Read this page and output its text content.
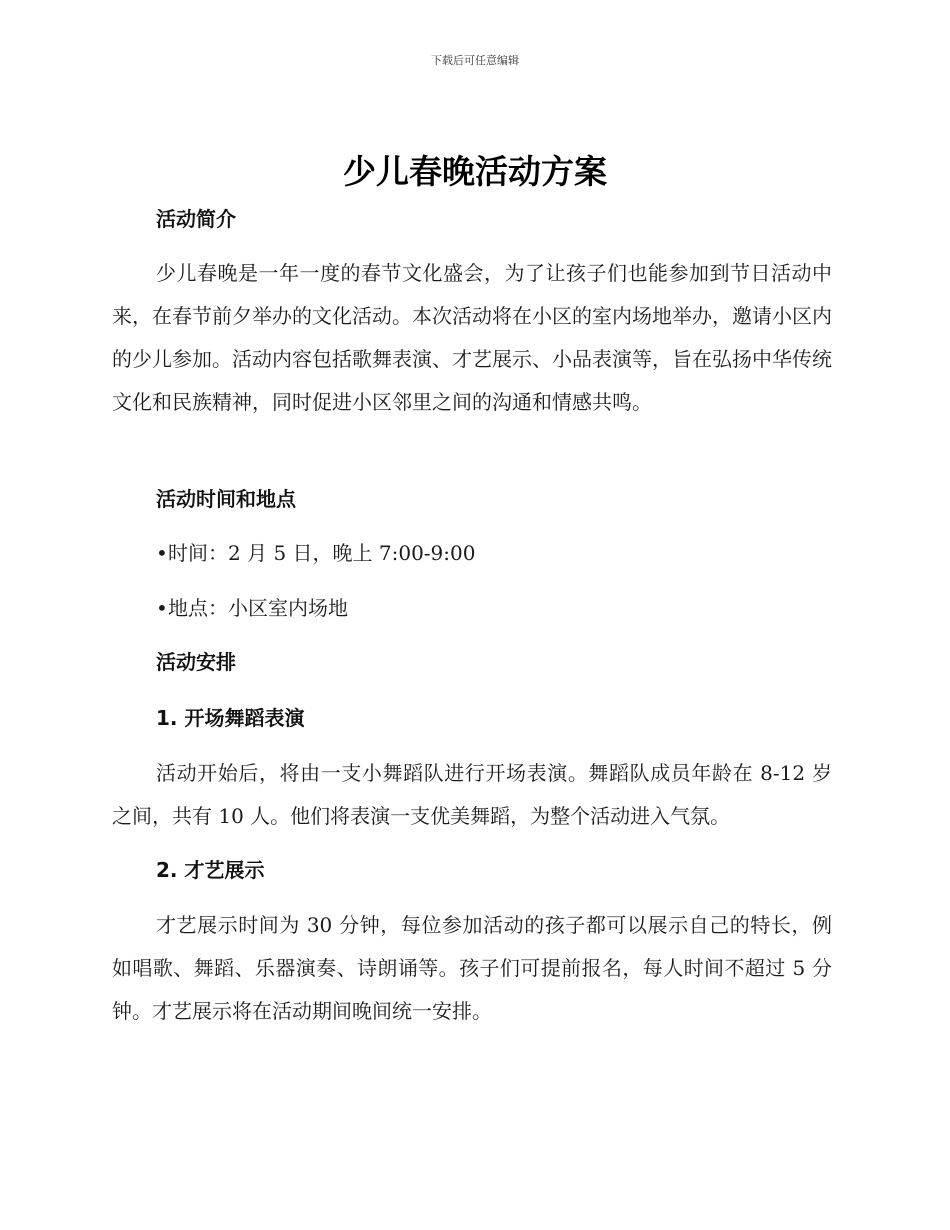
下载后可任意编辑
少儿春晚活动方案
活动简介

少儿春晚是一年一度的春节文化盛会，为了让孩子们也能参加到节日活动中来，在春节前夕举办的文化活动。本次活动将在小区的室内场地举办，邀请小区内的少儿参加。活动内容包括歌舞表演、才艺展示、小品表演等，旨在弘扬中华传统文化和民族精神，同时促进小区邻里之间的沟通和情感共鸣。

活动时间和地点

•时间：2 月 5 日，晚上 7:00-9:00

•地点：小区室内场地

活动安排
1. 开场舞蹈表演

活动开始后，将由一支小舞蹈队进行开场表演。舞蹈队成员年龄在 8-12 岁之间，共有 10 人。他们将表演一支优美舞蹈，为整个活动进入气氛。

2. 才艺展示

才艺展示时间为 30 分钟，每位参加活动的孩子都可以展示自己的特长，例如唱歌、舞蹈、乐器演奏、诗朗诵等。孩子们可提前报名，每人时间不超过 5 分钟。才艺展示将在活动期间晚间统一安排。
